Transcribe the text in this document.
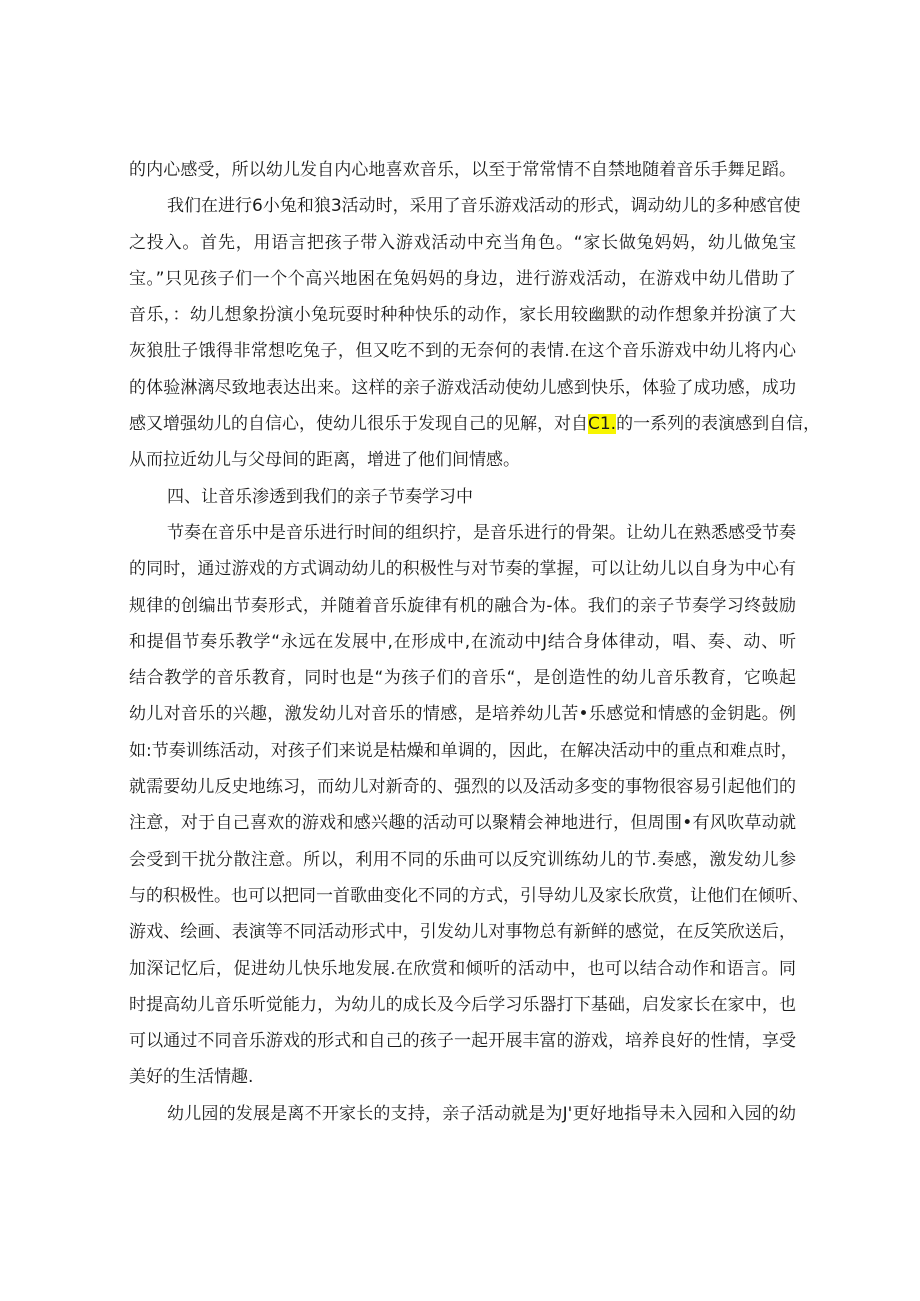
的内心感受，所以幼儿发自内心地喜欢音乐，以至于常常情不自禁地随着音乐手舞足蹈。
我们在进行6小兔和狼3活动时，采用了音乐游戏活动的形式，调动幼儿的多种感官使
之投入。首先，用语言把孩子带入游戏活动中充当角色。“家长做兔妈妈，幼儿做兔宝
宝。”只见孩子们一个个高兴地困在兔妈妈的身边，进行游戏活动，在游戏中幼儿借助了
音乐，：幼儿想象扮演小兔玩耍时种种快乐的动作，家长用较幽默的动作想象并扮演了大
灰狼肚子饿得非常想吃兔子，但又吃不到的无奈何的表情.在这个音乐游戏中幼儿将内心
的体验淋漓尽致地表达出来。这样的亲子游戏活动使幼儿感到快乐，体验了成功感，成功
感又增强幼儿的自信心，使幼儿很乐于发现自己的见解，对自C1.的一系列的表演感到自信，
从而拉近幼儿与父母间的距离，增进了他们间情感。
四、让音乐渗透到我们的亲子节奏学习中
节奏在音乐中是音乐进行时间的组织拧，是音乐进行的骨架。让幼儿在熟悉感受节奏
的同时，通过游戏的方式调动幼儿的积极性与对节奏的掌握，可以让幼儿以自身为中心有
规律的创编出节奏形式，并随着音乐旋律有机的融合为-体。我们的亲子节奏学习终鼓励
和提倡节奏乐教学“永远在发展中,在形成中,在流动中J结合身体律动，唱、奏、动、听
结合教学的音乐教育，同时也是“为孩子们的音乐“，是创造性的幼儿音乐教育，它唤起
幼儿对音乐的兴趣，激发幼儿对音乐的情感，是培养幼儿苦•乐感觉和情感的金钥匙。例
如:节奏训练活动，对孩子们来说是枯燥和单调的，因此，在解决活动中的重点和难点时，
就需要幼儿反史地练习，而幼儿对新奇的、强烈的以及活动多变的事物很容易引起他们的
注意，对于自己喜欢的游戏和感兴趣的活动可以聚精会神地进行，但周围•有风吹草动就
会受到干扰分散注意。所以，利用不同的乐曲可以反究训练幼儿的节.奏感，激发幼儿参
与的积极性。也可以把同一首歌曲变化不同的方式，引导幼儿及家长欣赏，让他们在倾听、
游戏、绘画、表演等不同活动形式中，引发幼儿对事物总有新鲜的感觉，在反笑欣送后，
加深记忆后，促进幼儿快乐地发展.在欣赏和倾听的活动中，也可以结合动作和语言。同
时提高幼儿音乐听觉能力，为幼儿的成长及今后学习乐器打下基础，启发家长在家中，也
可以通过不同音乐游戏的形式和自己的孩子一起开展丰富的游戏，培养良好的性情，享受
美好的生活情趣.
幼儿园的发展是离不开家长的支持，亲子活动就是为J'更好地指导未入园和入园的幼
